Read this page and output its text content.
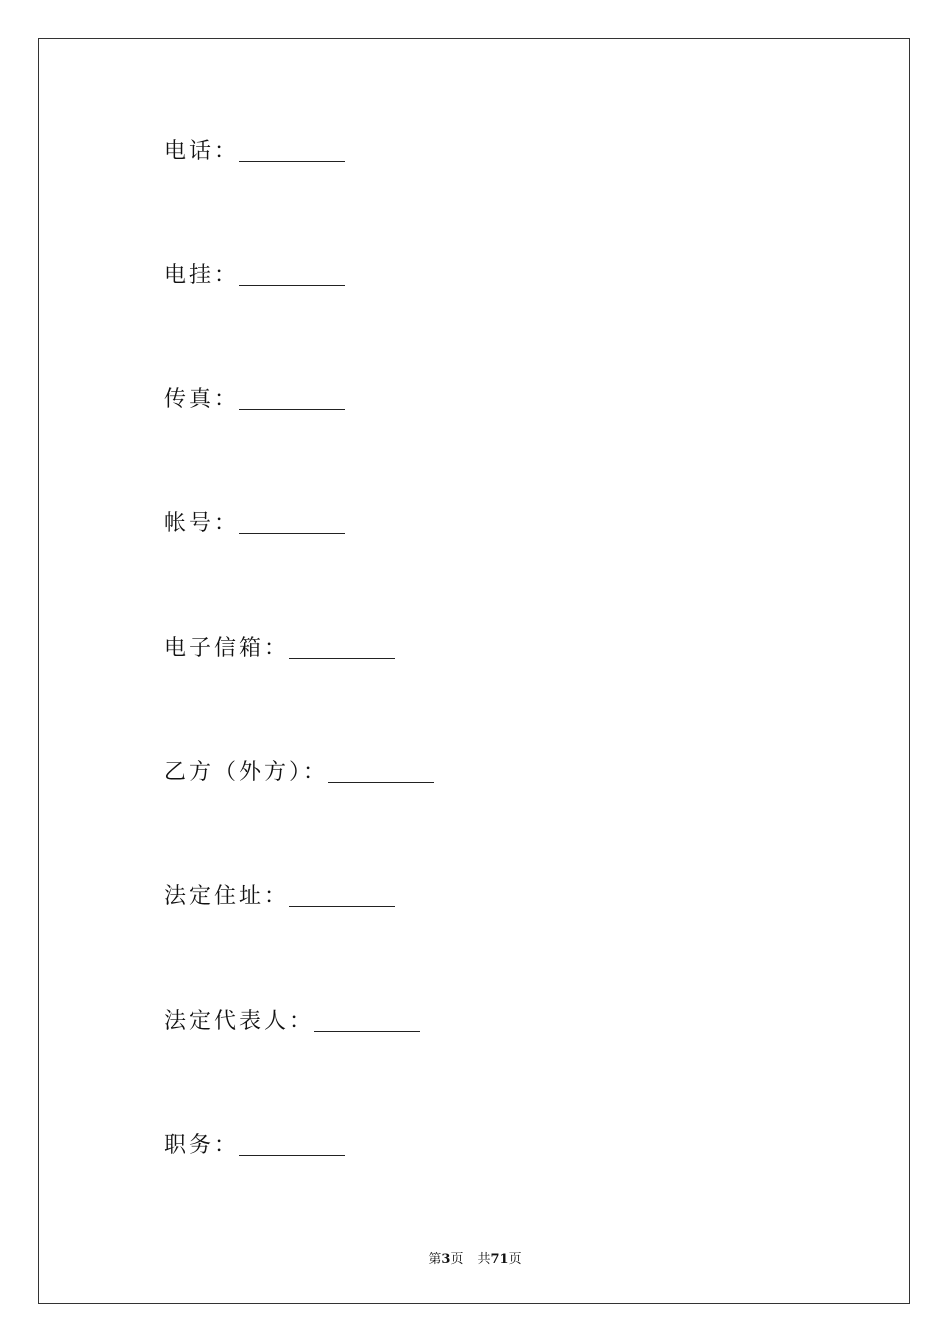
电话：
电挂：
传真：
帐号：
电子信箱：
乙方（外方）：
法定住址：
法定代表人：
职务：
第3页 共71页
